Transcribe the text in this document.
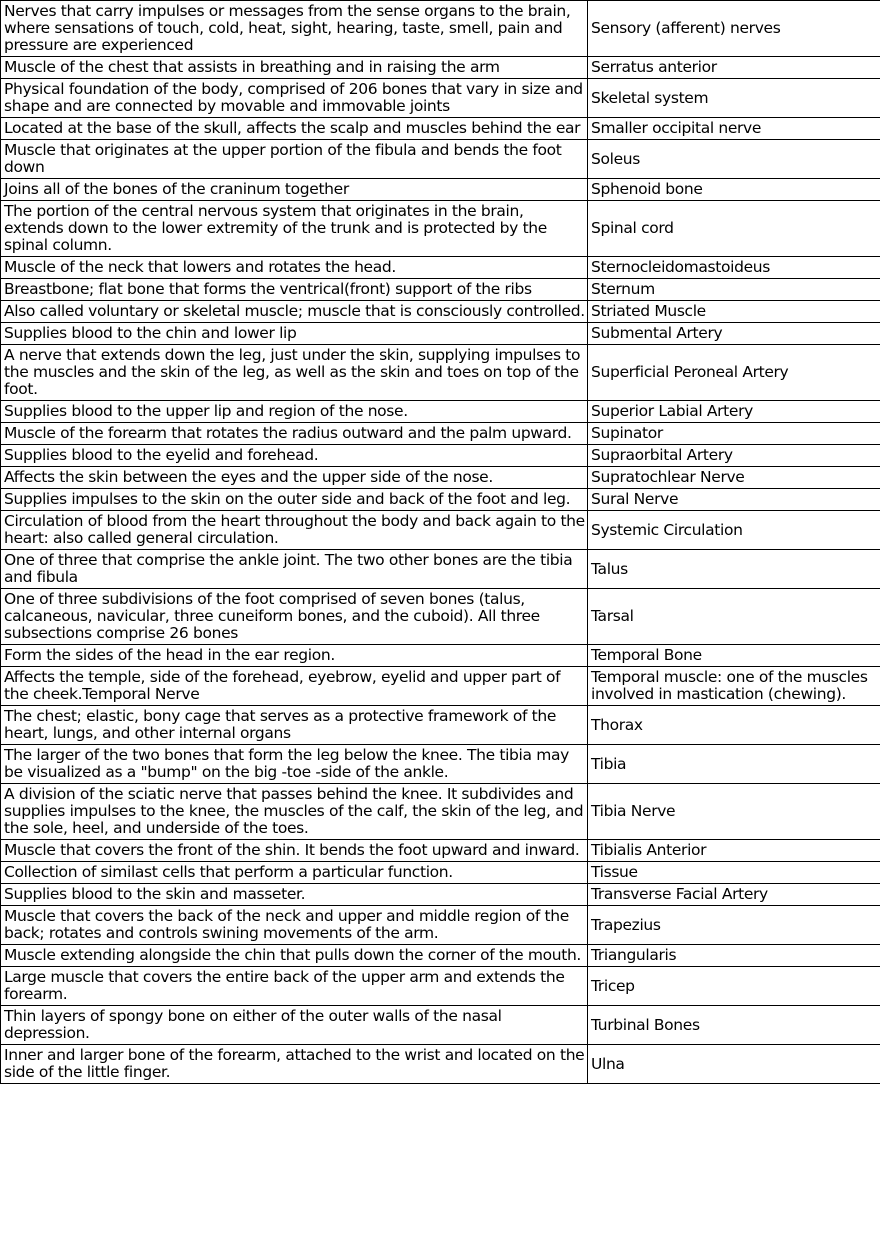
Nerves that carry impulses or messages from the sense organs to the brain, where sensations of touch, cold, heat, sight, hearing, taste, smell, pain and pressure are experienced	Sensory (afferent) nerves
Muscle of the chest that assists in breathing and in raising the arm	Serratus anterior
Physical foundation of the body, comprised of 206 bones that vary in size and shape and are connected by movable and immovable joints	Skeletal system
Located at the base of the skull, affects the scalp and muscles behind the ear	Smaller occipital nerve
Muscle that originates at the upper portion of the fibula and bends the foot down	Soleus
Joins all of the bones of the craninum together	Sphenoid bone
The portion of the central nervous system that originates in the brain, extends down to the lower extremity of the trunk and is protected by the spinal column.	Spinal cord
Muscle of the neck that lowers and rotates the head.	Sternocleidomastoideus
Breastbone; flat bone that forms the ventrical(front) support of the ribs	Sternum
Also called voluntary or skeletal muscle; muscle that is consciously controlled.	Striated Muscle
Supplies blood to the chin and lower lip	Submental Artery
A nerve that extends down the leg, just under the skin, supplying impulses to the muscles and the skin of the leg, as well as the skin and toes on top of the foot.	Superficial Peroneal Artery
Supplies blood to the upper lip and region of the nose.	Superior Labial Artery
Muscle of the forearm that rotates the radius outward and the palm upward.	Supinator
Supplies blood to the eyelid and forehead.	Supraorbital Artery
Affects the skin between the eyes and the upper side of the nose.	Supratochlear Nerve
Supplies impulses to the skin on the outer side and back of the foot and leg.	Sural Nerve
Circulation of blood from the heart throughout the body and back again to the heart: also called general circulation.	Systemic Circulation
One of three that comprise the ankle joint. The two other bones are the tibia and fibula	Talus
One of three subdivisions of the foot comprised of seven bones (talus, calcaneous, navicular, three cuneiform bones, and the cuboid). All three subsections comprise 26 bones	Tarsal
Form the sides of the head in the ear region.	Temporal Bone
Affects the temple, side of the forehead, eyebrow, eyelid and upper part of the cheek.Temporal Nerve	Temporal muscle: one of the muscles involved in mastication (chewing).
The chest; elastic, bony cage that serves as a protective framework of the heart, lungs, and other internal organs	Thorax
The larger of the two bones that form the leg below the knee. The tibia may be visualized as a "bump" on the big -toe -side of the ankle.	Tibia
A division of the sciatic nerve that passes behind the knee. It subdivides and supplies impulses to the knee, the muscles of the calf, the skin of the leg, and the sole, heel, and underside of the toes.	Tibia Nerve
Muscle that covers the front of the shin. It bends the foot upward and inward.	Tibialis Anterior
Collection of similast cells that perform a particular function.	Tissue
Supplies blood to the skin and masseter.	Transverse Facial Artery
Muscle that covers the back of the neck and upper and middle region of the back; rotates and controls swining movements of the arm.	Trapezius
Muscle extending alongside the chin that pulls down the corner of the mouth.	Triangularis
Large muscle that covers the entire back of the upper arm and extends the forearm.	Tricep
Thin layers of spongy bone on either of the outer walls of the nasal depression.	Turbinal Bones
Inner and larger bone of the forearm, attached to the wrist and located on the side of the little finger.	Ulna
